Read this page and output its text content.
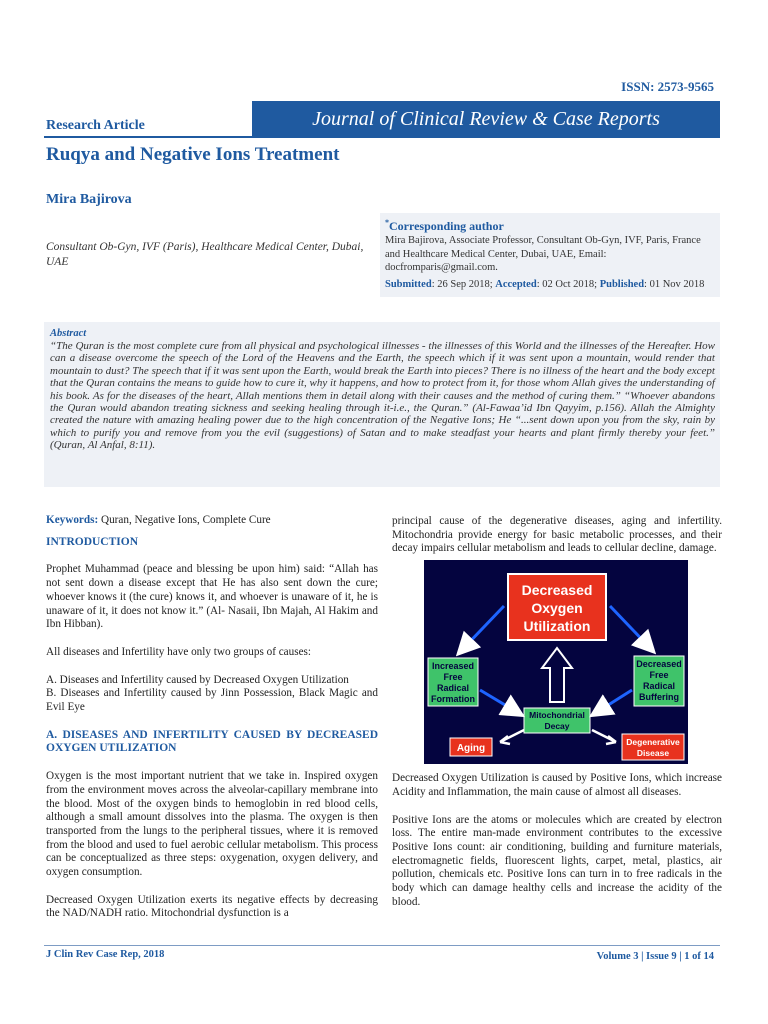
ISSN: 2573-9565
Research Article	Journal of Clinical Review & Case Reports
Ruqya and Negative Ions Treatment
Mira Bajirova
Consultant Ob-Gyn, IVF (Paris), Healthcare Medical Center, Dubai, UAE
*Corresponding author
Mira Bajirova, Associate Professor, Consultant Ob-Gyn, IVF, Paris, France and Healthcare Medical Center, Dubai, UAE, Email: docfromparis@gmail.com.
Submitted: 26 Sep 2018; Accepted: 02 Oct 2018; Published: 01 Nov 2018
Abstract
“The Quran is the most complete cure from all physical and psychological illnesses - the illnesses of this World and the illnesses of the Hereafter. How can a disease overcome the speech of the Lord of the Heavens and the Earth, the speech which if it was sent upon a mountain, would render that mountain to dust? The speech that if it was sent upon the Earth, would break the Earth into pieces? There is no illness of the heart and the body except that the Quran contains the means to guide how to cure it, why it happens, and how to protect from it, for those whom Allah gives the understanding of his book. As for the diseases of the heart, Allah mentions them in detail along with their causes and the method of curing them.” “Whoever abandons the Quran would abandon treating sickness and seeking healing through it-i.e., the Quran.” (Al-Fawaa’id Ibn Qayyim, p.156). Allah the Almighty created the nature with amazing healing power due to the high concentration of the Negative Ions; He “...sent down upon you from the sky, rain by which to purify you and remove from you the evil (suggestions) of Satan and to make steadfast your hearts and plant firmly thereby your feet.” (Quran, Al Anfal, 8:11).
Keywords: Quran, Negative Ions, Complete Cure
INTRODUCTION

Prophet Muhammad (peace and blessing be upon him) said: “Allah has not sent down a disease except that He has also sent down the cure; whoever knows it (the cure) knows it, and whoever is unaware of it, he is unaware of it, it does not know it.” (Al- Nasaii, Ibn Majah, Al Hakim and Ibn Hibban).

All diseases and Infertility have only two groups of causes:

A. Diseases and Infertility caused by Decreased Oxygen Utilization

B. Diseases and Infertility caused by Jinn Possession, Black Magic and Evil Eye

A. DISEASES AND INFERTILITY CAUSED BY DECREASED OXYGEN UTILIZATION

Oxygen is the most important nutrient that we take in. Inspired oxygen from the environment moves across the alveolar-capillary membrane into the blood. Most of the oxygen binds to hemoglobin in red blood cells, although a small amount dissolves into the plasma. The oxygen is then transported from the lungs to the peripheral tissues, where it is removed from the blood and used to fuel aerobic cellular metabolism. This process can be conceptualized as three steps: oxygenation, oxygen delivery, and oxygen consumption.

Decreased Oxygen Utilization exerts its negative effects by decreasing the NAD/NADH ratio. Mitochondrial dysfunction is a

principal cause of the degenerative diseases, aging and infertility. Mitochondria provide energy for basic metabolic processes, and their decay impairs cellular metabolism and leads to cellular decline, damage.

Decreased
Oxygen
Utilization
Increased
Free
Radical
Formation
Decreased
Free
Radical
Buffering
Mitochondrial
Decay
Aging
Degenerative
Disease

Decreased Oxygen Utilization is caused by Positive Ions, which increase Acidity and Inflammation, the main cause of almost all diseases.

Positive Ions are the atoms or molecules which are created by electron loss. The entire man-made environment contributes to the excessive Positive Ions count: air conditioning, building and furniture materials, electromagnetic fields, fluorescent lights, carpet, metal, plastics, air pollution, chemicals etc. Positive Ions can turn in to free radicals in the body which can damage healthy cells and increase the acidity of the blood.

J Clin Rev Case Rep, 2018	Volume 3 | Issue 9 | 1 of 14
